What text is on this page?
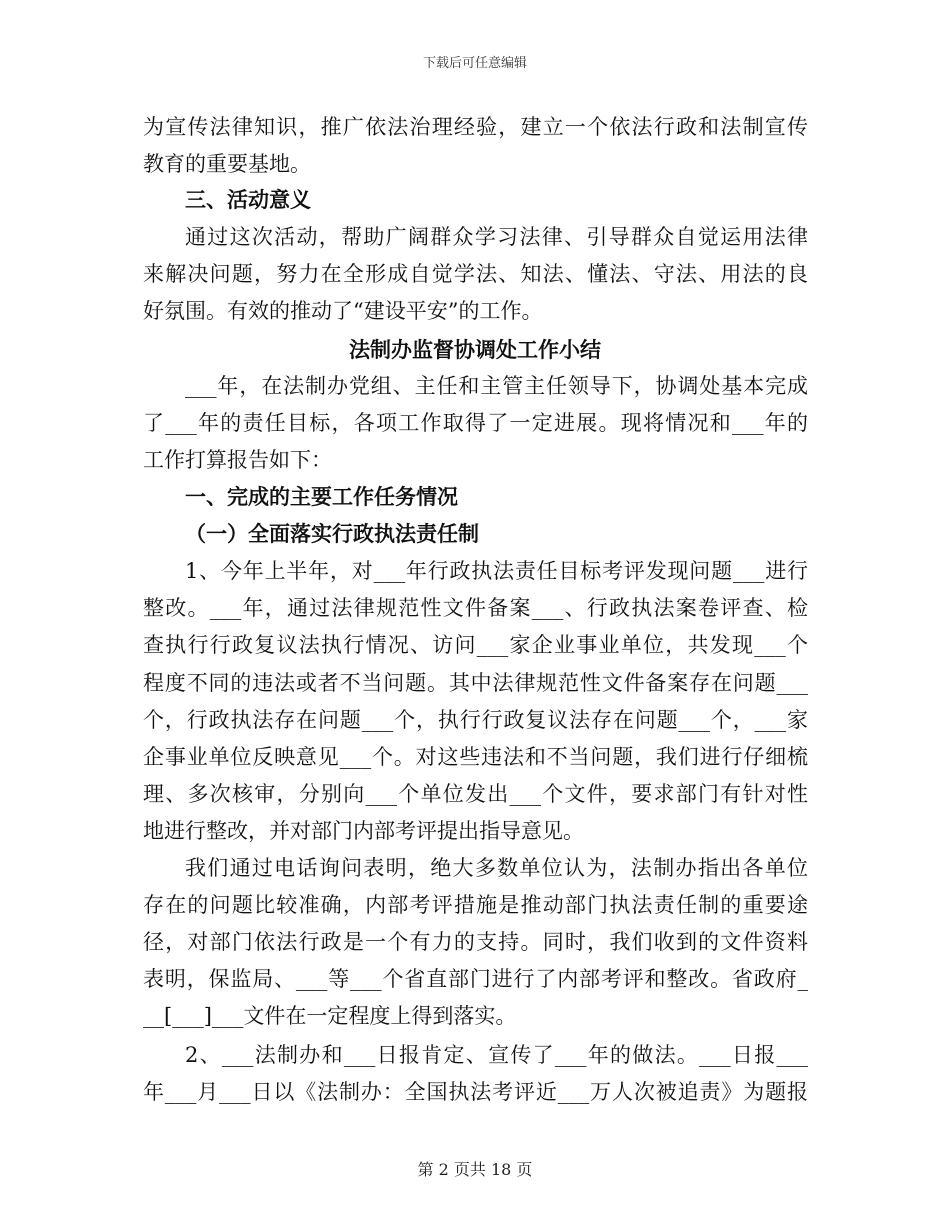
下载后可任意编辑
为宣传法律知识，推广依法治理经验，建立一个依法行政和法制宣传
教育的重要基地。
三、活动意义
通过这次活动，帮助广阔群众学习法律、引导群众自觉运用法律
来解决问题，努力在全形成自觉学法、知法、懂法、守法、用法的良
好氛围。有效的推动了“建设平安”的工作。
法制办监督协调处工作小结
___年，在法制办党组、主任和主管主任领导下，协调处基本完成
了___年的责任目标，各项工作取得了一定进展。现将情况和___年的
工作打算报告如下：
一、完成的主要工作任务情况
（一）全面落实行政执法责任制
1、今年上半年，对___年行政执法责任目标考评发现问题___进行
整改。___年，通过法律规范性文件备案___、行政执法案卷评查、检
查执行行政复议法执行情况、访问___家企业事业单位，共发现___个
程度不同的违法或者不当问题。其中法律规范性文件备案存在问题___
个，行政执法存在问题___个，执行行政复议法存在问题___个，___家
企事业单位反映意见___个。对这些违法和不当问题，我们进行仔细梳
理、多次核审，分别向___个单位发出___个文件，要求部门有针对性
地进行整改，并对部门内部考评提出指导意见。
我们通过电话询问表明，绝大多数单位认为，法制办指出各单位
存在的问题比较准确，内部考评措施是推动部门执法责任制的重要途
径，对部门依法行政是一个有力的支持。同时，我们收到的文件资料
表明，保监局、___等___个省直部门进行了内部考评和整改。省政府_
__[___]___文件在一定程度上得到落实。
2、___法制办和___日报肯定、宣传了___年的做法。___日报___
年___月___日以《法制办：全国执法考评近___万人次被追责》为题报
第 2 页共 18 页
